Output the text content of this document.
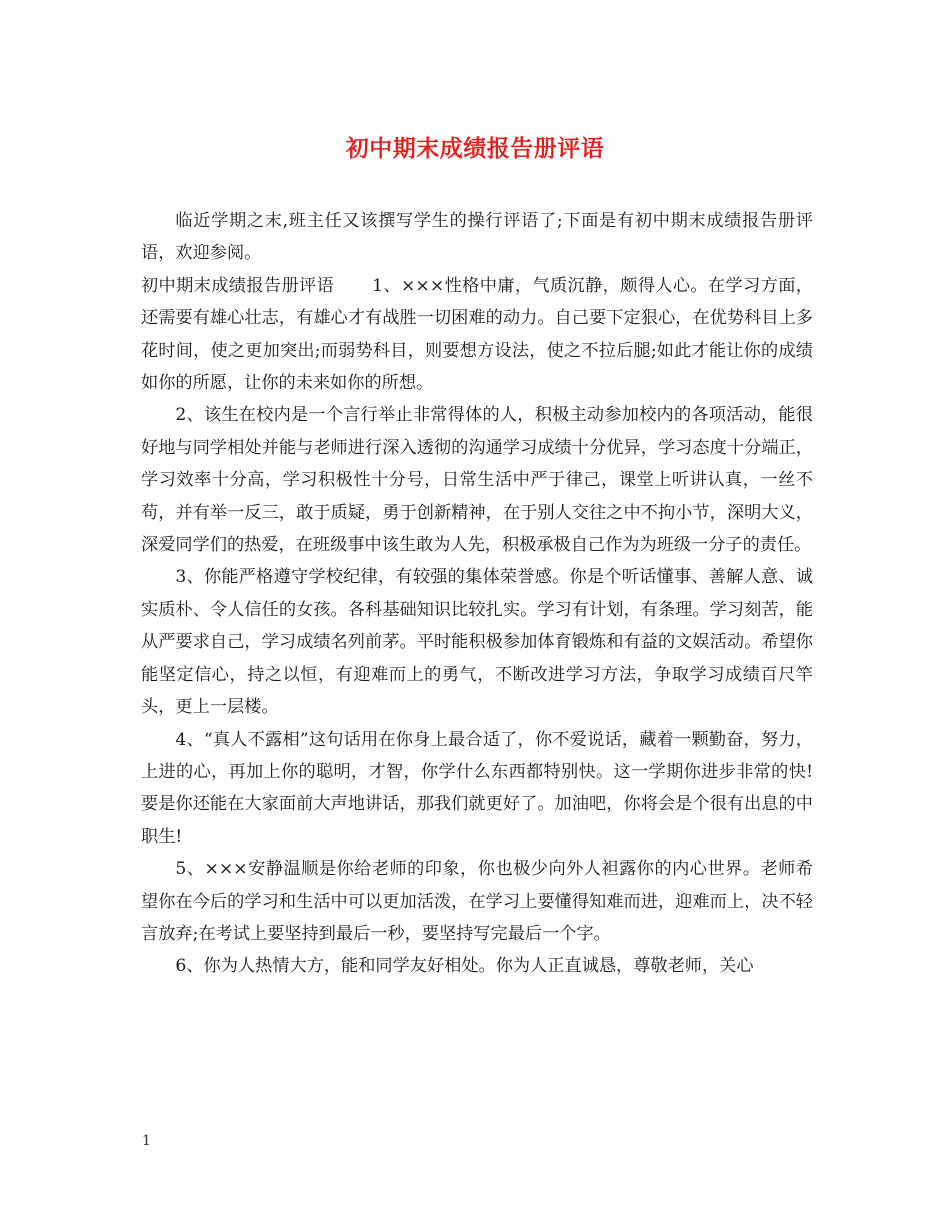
初中期末成绩报告册评语

临近学期之末,班主任又该撰写学生的操行评语了;下面是有初中期末成绩报告册评语，欢迎参阅。

初中期末成绩报告册评语 1、×××性格中庸，气质沉静，颇得人心。在学习方面，还需要有雄心壮志，有雄心才有战胜一切困难的动力。自己要下定狠心，在优势科目上多花时间，使之更加突出;而弱势科目，则要想方设法，使之不拉后腿;如此才能让你的成绩如你的所愿，让你的未来如你的所想。

2、该生在校内是一个言行举止非常得体的人，积极主动参加校内的各项活动，能很好地与同学相处并能与老师进行深入透彻的沟通学习成绩十分优异，学习态度十分端正，学习效率十分高，学习积极性十分号，日常生活中严于律己，课堂上听讲认真，一丝不苟，并有举一反三，敢于质疑，勇于创新精神，在于别人交往之中不拘小节，深明大义，深爱同学们的热爱，在班级事中该生敢为人先，积极承极自己作为为班级一分子的责任。

3、你能严格遵守学校纪律，有较强的集体荣誉感。你是个听话懂事、善解人意、诚实质朴、令人信任的女孩。各科基础知识比较扎实。学习有计划，有条理。学习刻苦，能从严要求自己，学习成绩名列前茅。平时能积极参加体育锻炼和有益的文娱活动。希望你能坚定信心，持之以恒，有迎难而上的勇气，不断改进学习方法，争取学习成绩百尺竿头，更上一层楼。

4、“真人不露相”这句话用在你身上最合适了，你不爱说话，藏着一颗勤奋，努力，上进的心，再加上你的聪明，才智，你学什么东西都特别快。这一学期你进步非常的快!要是你还能在大家面前大声地讲话，那我们就更好了。加油吧，你将会是个很有出息的中职生!

5、×××安静温顺是你给老师的印象，你也极少向外人袒露你的内心世界。老师希望你在今后的学习和生活中可以更加活泼，在学习上要懂得知难而进，迎难而上，决不轻言放弃;在考试上要坚持到最后一秒，要坚持写完最后一个字。

6、你为人热情大方，能和同学友好相处。你为人正直诚恳，尊敬老师，关心

1
